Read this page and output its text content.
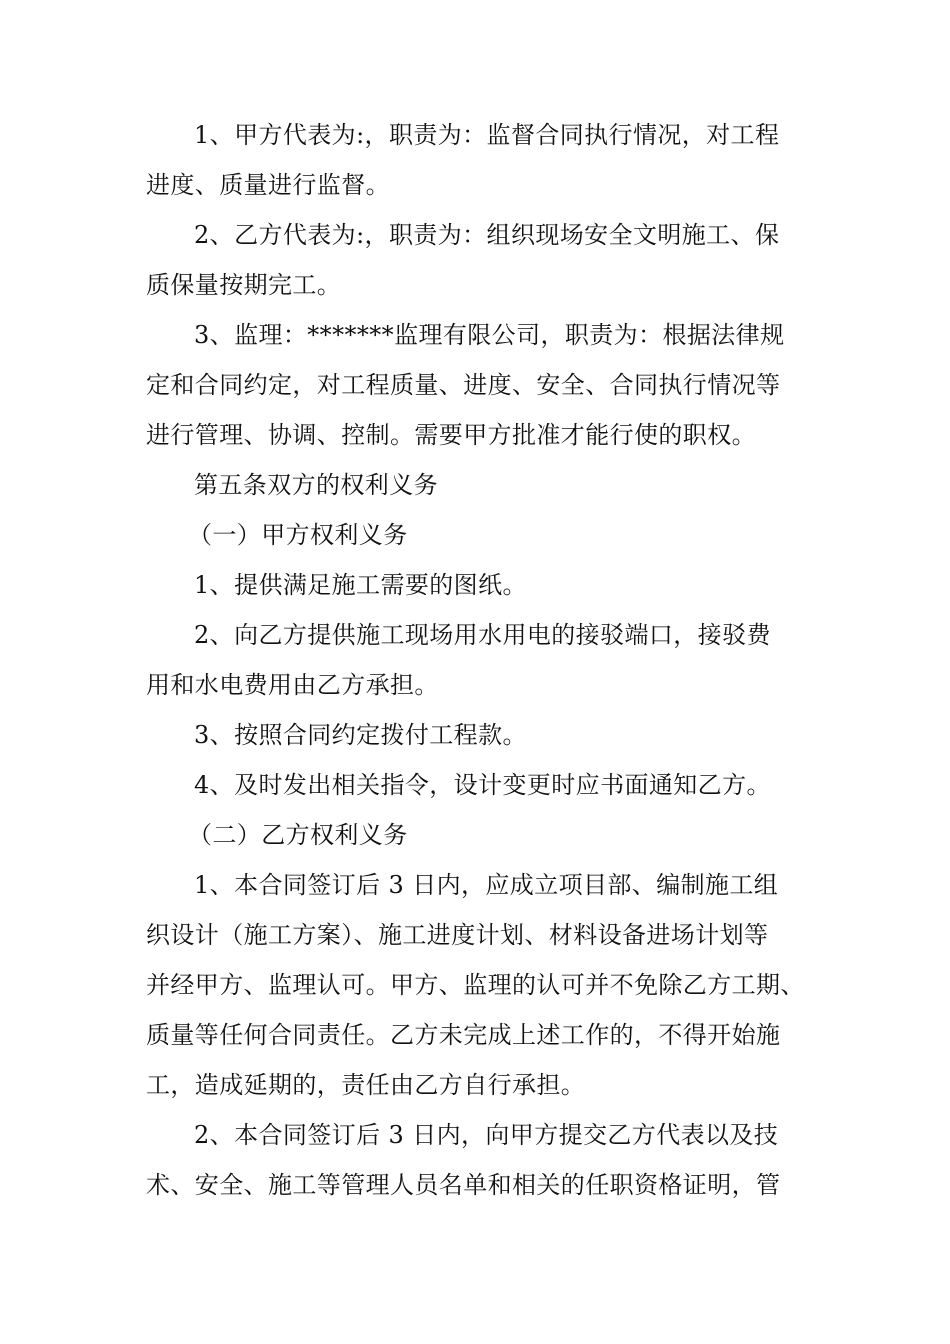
1、甲方代表为:，职责为：监督合同执行情况，对工程
进度、质量进行监督。
2、乙方代表为:，职责为：组织现场安全文明施工、保
质保量按期完工。
3、监理：*******监理有限公司，职责为：根据法律规
定和合同约定，对工程质量、进度、安全、合同执行情况等
进行管理、协调、控制。需要甲方批准才能行使的职权。
第五条双方的权利义务
（一）甲方权利义务
1、提供满足施工需要的图纸。
2、向乙方提供施工现场用水用电的接驳端口，接驳费
用和水电费用由乙方承担。
3、按照合同约定拨付工程款。
4、及时发出相关指令，设计变更时应书面通知乙方。
（二）乙方权利义务
1、本合同签订后 3 日内，应成立项目部、编制施工组
织设计（施工方案）、施工进度计划、材料设备进场计划等
并经甲方、监理认可。甲方、监理的认可并不免除乙方工期、
质量等任何合同责任。乙方未完成上述工作的，不得开始施
工，造成延期的，责任由乙方自行承担。
2、本合同签订后 3 日内，向甲方提交乙方代表以及技
术、安全、施工等管理人员名单和相关的任职资格证明，管
